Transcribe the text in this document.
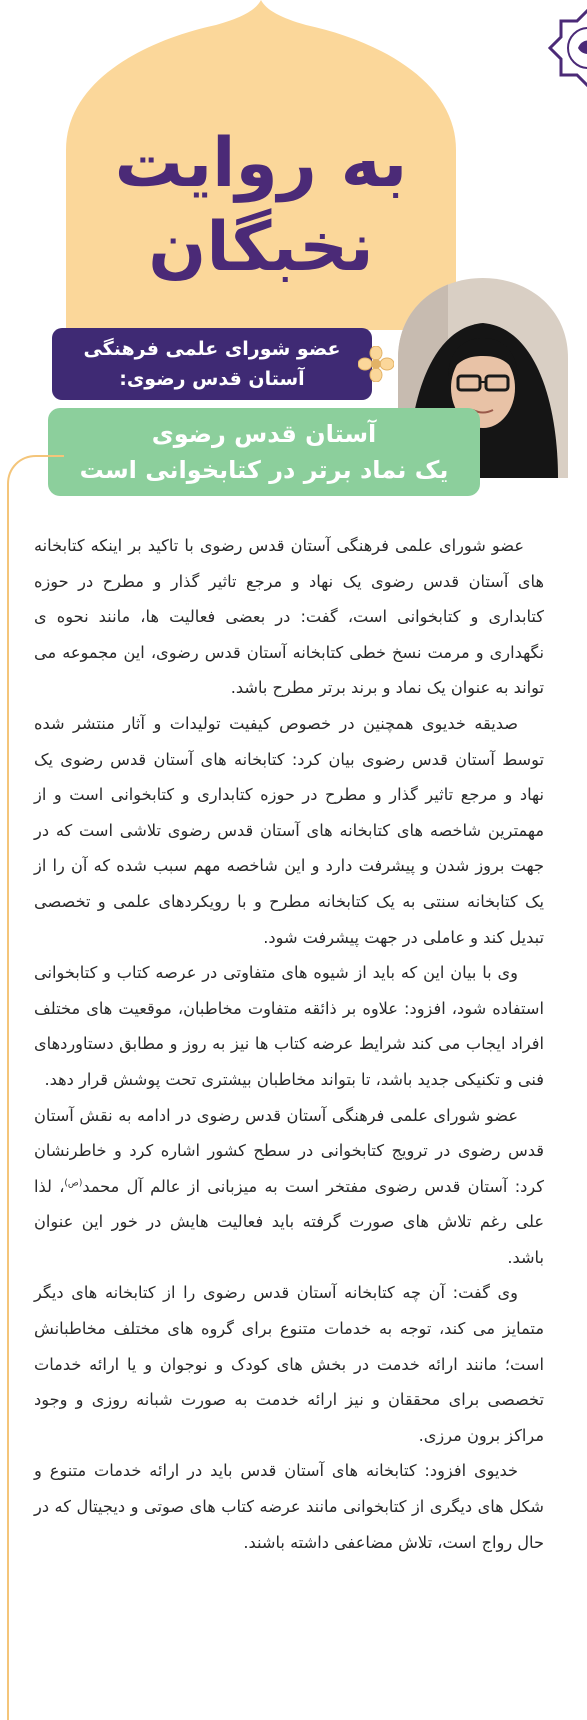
به روایت
نخبگان
عضو شورای علمی فرهنگی
آستان قدس رضوی:
آستان قدس رضوی
یک نماد برتر در کتابخوانی است

عضو شورای علمی فرهنگی آستان قدس رضوی با تاکید بر اینکه کتابخانه های آستان قدس رضوی یک نهاد و مرجع تاثیر گذار و مطرح در حوزه کتابداری و کتابخوانی است، گفت: در بعضی فعالیت ها، مانند نحوه ی نگهداری و مرمت نسخ خطی کتابخانه آستان قدس رضوی، این مجموعه می تواند به عنوان یک نماد و برند برتر مطرح باشد.

صدیقه خدیوی همچنین در خصوص کیفیت تولیدات و آثار منتشر شده توسط آستان قدس رضوی بیان کرد: کتابخانه های آستان قدس رضوی یک نهاد و مرجع تاثیر گذار و مطرح در حوزه کتابداری و کتابخوانی است و از مهمترین شاخصه های کتابخانه های آستان قدس رضوی تلاشی است که در جهت بروز شدن و پیشرفت دارد و این شاخصه مهم سبب شده که آن را از یک کتابخانه سنتی به یک کتابخانه مطرح و با رویکردهای علمی و تخصصی تبدیل کند و عاملی در جهت پیشرفت شود.

وی با بیان این که باید از شیوه های متفاوتی در عرصه کتاب و کتابخوانی استفاده شود، افزود: علاوه بر ذائقه متفاوت مخاطبان، موقعیت های مختلف افراد ایجاب می کند شرایط عرضه کتاب ها نیز به روز و مطابق دستاوردهای فنی و تکنیکی جدید باشد، تا بتواند مخاطبان بیشتری تحت پوشش قرار دهد.

عضو شورای علمی فرهنگی آستان قدس رضوی در ادامه به نقش آستان قدس رضوی در ترویج کتابخوانی در سطح کشور اشاره کرد و خاطرنشان کرد: آستان قدس رضوی مفتخر است به میزبانی از عالم آل محمد$^{(ص)}$، لذا علی رغم تلاش های صورت گرفته باید فعالیت هایش در خور این عنوان باشد.

وی گفت: آن چه کتابخانه آستان قدس رضوی را از کتابخانه های دیگر متمایز می کند، توجه به خدمات متنوع برای گروه های مختلف مخاطبانش است؛ مانند ارائه خدمت در بخش های کودک و نوجوان و یا ارائه خدمات تخصصی برای محققان و نیز ارائه خدمت به صورت شبانه روزی و وجود مراکز برون مرزی.

خدیوی افزود: کتابخانه های آستان قدس باید در ارائه خدمات متنوع و شکل های دیگری از کتابخوانی مانند عرضه کتاب های صوتی و دیجیتال که در حال رواج است، تلاش مضاعفی داشته باشند.
